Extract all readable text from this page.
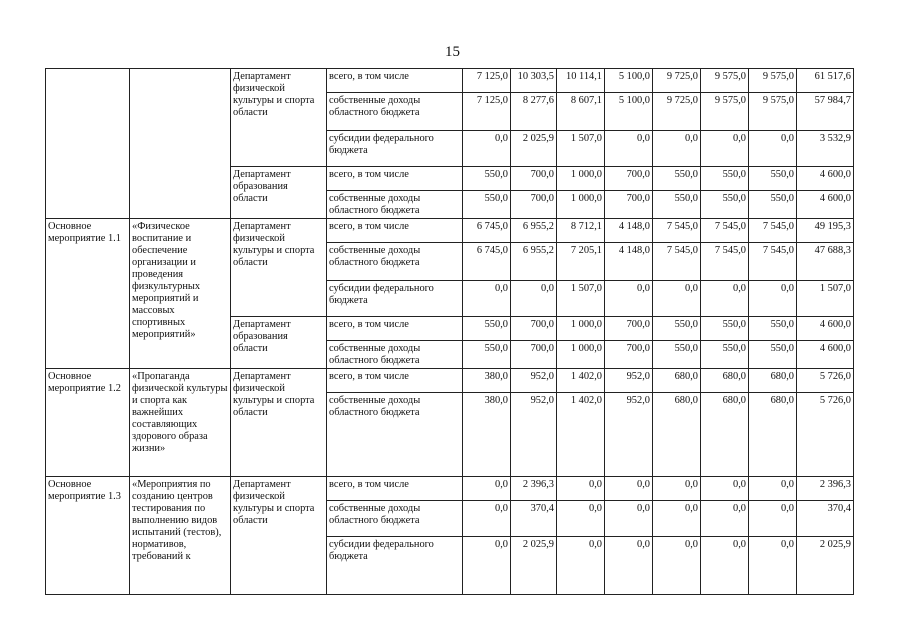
15
		Департамент физической культуры и спорта области	всего, в том числе	7 125,0	10 303,5	10 114,1	5 100,0	9 725,0	9 575,0	9 575,0	61 517,6
			собственные доходы областного бюджета	7 125,0	8 277,6	8 607,1	5 100,0	9 725,0	9 575,0	9 575,0	57 984,7
			субсидии федерального бюджета	0,0	2 025,9	1 507,0	0,0	0,0	0,0	0,0	3 532,9
		Департамент образования области	всего, в том числе	550,0	700,0	1 000,0	700,0	550,0	550,0	550,0	4 600,0
			собственные доходы областного бюджета	550,0	700,0	1 000,0	700,0	550,0	550,0	550,0	4 600,0
Основное мероприятие 1.1	«Физическое воспитание и обеспечение организации и проведения физкультурных мероприятий и массовых спортивных мероприятий»	Департамент физической культуры и спорта области	всего, в том числе	6 745,0	6 955,2	8 712,1	4 148,0	7 545,0	7 545,0	7 545,0	49 195,3
			собственные доходы областного бюджета	6 745,0	6 955,2	7 205,1	4 148,0	7 545,0	7 545,0	7 545,0	47 688,3
			субсидии федерального бюджета	0,0	0,0	1 507,0	0,0	0,0	0,0	0,0	1 507,0
		Департамент образования области	всего, в том числе	550,0	700,0	1 000,0	700,0	550,0	550,0	550,0	4 600,0
			собственные доходы областного бюджета	550,0	700,0	1 000,0	700,0	550,0	550,0	550,0	4 600,0
Основное мероприятие 1.2	«Пропаганда физической культуры и спорта как важнейших составляющих здорового образа жизни»	Департамент физической культуры и спорта области	всего, в том числе	380,0	952,0	1 402,0	952,0	680,0	680,0	680,0	5 726,0
			собственные доходы областного бюджета	380,0	952,0	1 402,0	952,0	680,0	680,0	680,0	5 726,0
Основное мероприятие 1.3	«Мероприятия по созданию центров тестирования по выполнению видов испытаний (тестов), нормативов, требований к	Департамент физической культуры и спорта области	всего, в том числе	0,0	2 396,3	0,0	0,0	0,0	0,0	0,0	2 396,3
			собственные доходы областного бюджета	0,0	370,4	0,0	0,0	0,0	0,0	0,0	370,4
			субсидии федерального бюджета	0,0	2 025,9	0,0	0,0	0,0	0,0	0,0	2 025,9
